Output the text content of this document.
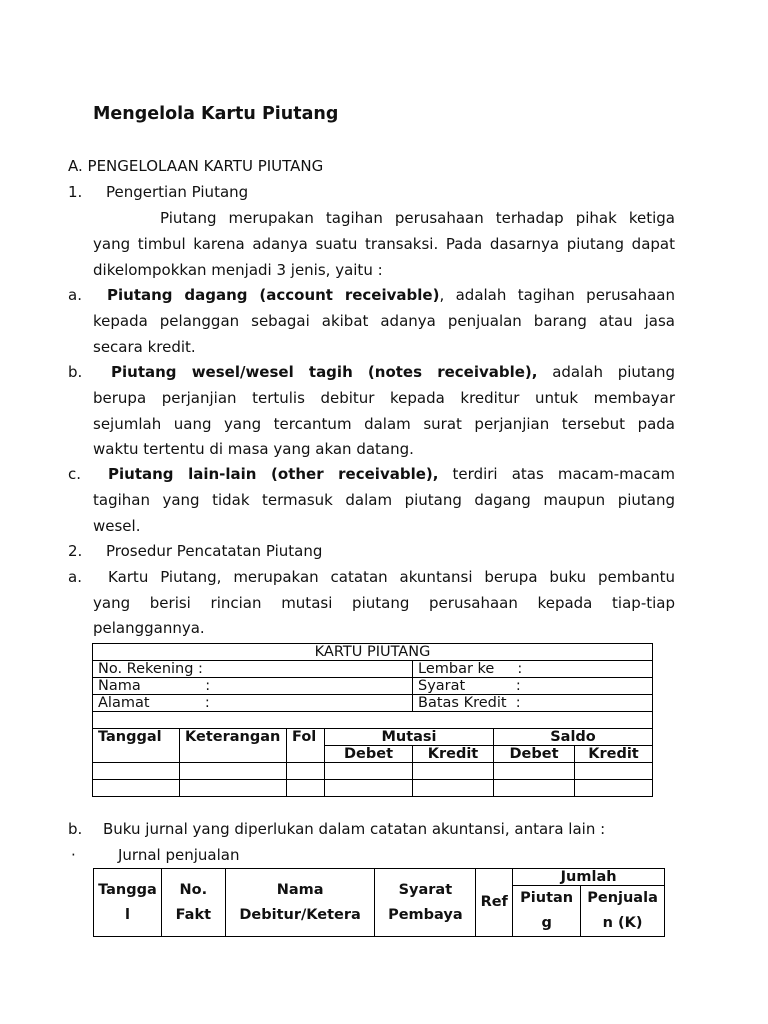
Mengelola Kartu Piutang
A. PENGELOLAAN KARTU PIUTANG
1. Pengertian Piutang
Piutang merupakan tagihan perusahaan terhadap pihak ketiga
yang timbul karena adanya suatu transaksi. Pada dasarnya piutang dapat
dikelompokkan menjadi 3 jenis, yaitu :
a. Piutang dagang (account receivable), adalah tagihan perusahaan
kepada pelanggan sebagai akibat adanya penjualan barang atau jasa
secara kredit.
b. Piutang wesel/wesel tagih (notes receivable), adalah piutang
berupa perjanjian tertulis debitur kepada kreditur untuk membayar
sejumlah uang yang tercantum dalam surat perjanjian tersebut pada
waktu tertentu di masa yang akan datang.
c. Piutang lain-lain (other receivable), terdiri atas macam-macam
tagihan yang tidak termasuk dalam piutang dagang maupun piutang
wesel.
2. Prosedur Pencatatan Piutang
a. Kartu Piutang, merupakan catatan akuntansi berupa buku pembantu
yang berisi rincian mutasi piutang perusahaan kepada tiap-tiap
pelanggannya.
KARTU PIUTANG						
No. Rekening :				Lembar ke     :		
Nama              :				Syarat           :		
Alamat            :				Batas Kredit  :		

Tanggal	Keterangan	Fol	Mutasi		Saldo	
			Debet	Kredit	Debet	Kredit

b. Buku jurnal yang diperlukan dalam catatan akuntansi, antara lain :
·	Jurnal penjualan
Tanggal	No. Fakt	Nama Debitur/Ketera	Syarat Pembaya	Ref	Jumlah	
					Piutang	Penjualan (K)
